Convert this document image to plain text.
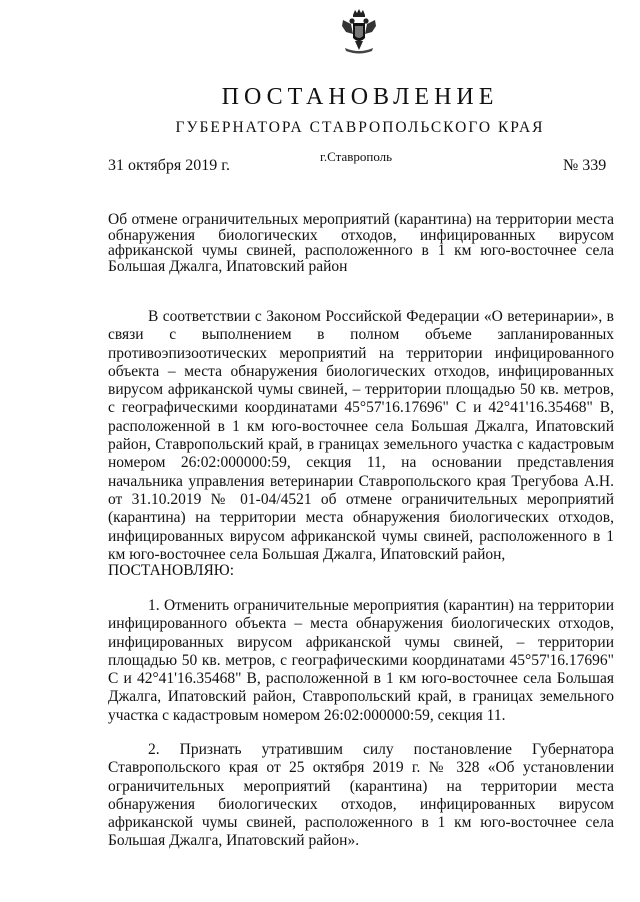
ПОСТАНОВЛЕНИЕ
ГУБЕРНАТОРА СТАВРОПОЛЬСКОГО КРАЯ
31 октября 2019 г.
г.Ставрополь
№ 339
Об отмене ограничительных мероприятий (карантина) на территории места обнаружения биологических отходов, инфицированных вирусом африканской чумы свиней, расположенного в 1 км юго-восточнее села Большая Джалга, Ипатовский район
В соответствии с Законом Российской Федерации «О ветеринарии», в связи с выполнением в полном объеме запланированных противоэпизоотических мероприятий на территории инфицированного объекта – места обнаружения биологических отходов, инфицированных вирусом африканской чумы свиней, – территории площадью 50 кв. метров, с географическими координатами 45°57'16.17696" С и 42°41'16.35468" В, расположенной в 1 км юго-восточнее села Большая Джалга, Ипатовский район, Ставропольский край, в границах земельного участка с кадастровым номером 26:02:000000:59, секция 11, на основании представления начальника управления ветеринарии Ставропольского края Трегубова А.Н. от 31.10.2019 № 01-04/4521 об отмене ограничительных мероприятий (карантина) на территории места обнаружения биологических отходов, инфицированных вирусом африканской чумы свиней, расположенного в 1 км юго-восточнее села Большая Джалга, Ипатовский район,
ПОСТАНОВЛЯЮ:
1. Отменить ограничительные мероприятия (карантин) на территории инфицированного объекта – места обнаружения биологических отходов, инфицированных вирусом африканской чумы свиней, – территории площадью 50 кв. метров, с географическими координатами 45°57'16.17696" С и 42°41'16.35468" В, расположенной в 1 км юго-восточнее села Большая Джалга, Ипатовский район, Ставропольский край, в границах земельного участка с кадастровым номером 26:02:000000:59, секция 11.
2. Признать утратившим силу постановление Губернатора Ставропольского края от 25 октября 2019 г. № 328 «Об установлении ограничительных мероприятий (карантина) на территории места обнаружения биологических отходов, инфицированных вирусом африканской чумы свиней, расположенного в 1 км юго-восточнее села Большая Джалга, Ипатовский район».
